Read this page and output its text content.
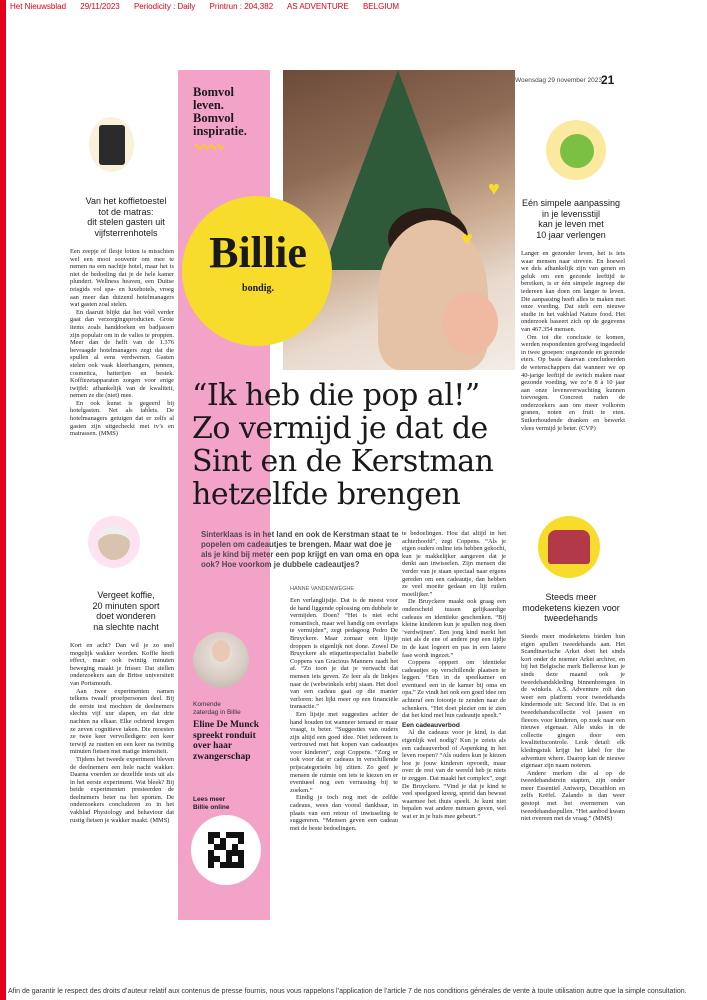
Het Nieuwsblad 29/11/2023 Periodicity : Daily Printrun : 204,382 AS ADVENTURE BELGIUM
Woensdag 29 november 2023 21
Bomvol
leven.
Bomvol
inspiratie.
∿∿∿∿
♥
♥
Billie
bondig.
“Ik heb die pop al!”
Zo vermijd je dat de
Sint en de Kerstman
hetzelfde brengen
Sinterklaas is in het land en ook de Kerstman staat te popelen om cadeautjes te brengen. Maar wat doe je als je kind bij meter een pop krijgt en van oma en opa ook? Hoe voorkom je dubbele cadeautjes?
HANNE VANDENWEGHE

Een verlanglijstje. Dat is de meest voor de hand liggende oplossing om dubbele te vermijden. Doen? “Het is niet echt romantisch, maar wel handig om overlaps te vermijden”, zegt pedagoog Pedro De Bruyckere. Maar zomaar een lijstje droppen is eigenlijk not done. Zowel De Bruyckere als etiquettespecialist Isabelle Coppens van Gracious Manners raadt het af. “Zo toon je dat je verwacht dat mensen iets geven. Ze leer als de linkjes naar de (webwinkels erbij staan. Het doel van een cadeau gaat op die manier verloren: het lijkt meer op een financiële transactie.”

Een lijstje met suggesties achter de hand houden tot wanneer iemand er maar vraagt, is beter. “Suggesties van ouders zijn altijd een goed idee. Niet iedereen is vertrouwd met het kopen van cadeautjes voor kinderen”, zegt Coppens. “Zorg er ook voor dat er cadeaus in verschillende prijscategorieën bij zitten. Zo geef je mensen de ruimte om iets te kiezen en er eventueel nog een verrassing bij te zoeken.”

Eindig je toch nog met de zelfde cadeaus, wees dan vooral dankbaar, in plaats van een retour of inwisseling te suggereren. “Mensen geven een cadeau met de beste bedoelingen.

te bedoelingen. Hou dat altijd in het achterhoofd”, zegt Coppens. “Als je eigen ouders online iets hebben gekocht, kun je makkelijker aangeven dat je denkt aan inwisselen. Zijn mensen die verder van je staan speciaal naar ergens gereden om een cadeautje, dan hebben ze veel moeite gedaan en lijt ruilen moeilijker.”

De Bruyckere maakt ook graag een onderscheid tussen gelijkaardige cadeaus en identieke geschenken. “Bij kleine kinderen kun je spullen nog doen ‘verdwijnen’. Een jong kind merkt het niet als de ene of andere pop een tijdje in de kast logeert en pas in een latere fase wordt ingezet.”

Coppens opppert om identieke cadeautjes op verschillende plaatsen te leggen. “Een in de speelkamer en eventueel een in de kamer bij oma en opa.” Ze vindt het ook een goed idee om achteraf een fotootje te zenden naar de schenkers. “Het doet plezier om te zien dat het kind met hun cadeautje speelt.”

Een cadeauverbod

Al die cadeaus voor je kind, is dat eigenlijk wel nodig? Kun je zeiets als een cadeauverbod of Aspenking in het leven roepen? “Als ouders kun je kiezen hoe je jouw kinderen opvoedt, maar over de rest van de wereld heb je niets te zeggen. Dat maakt het complex”, zegt De Bruyckere. “Vind je dat je kind te veel speelgoed kreeg, spreid dan bewust waarmee het thuis speelt. Je kunt niet bepalen wat andere mensen geven, wel wat er in je huis mee gebeurt.”

Van het koffietoestel
tot de matras:
dit stelen gasten uit
vijfsterrenhotels

Een zeepje of flesje lotion is misschien wel een mooi souvenir om mee te nemen na een nachtje hotel, maar het is niet de bedoeling dat je de hele kamer plundert. Wellness heaven, een Duitse reisgids vol spa- en luxehotels, vroeg aan meer dan duizend hotelmanagers wat gasten zoal stelen.

En daaruit blijkt dat het vóél verder gaat dan verzorgingsproducten. Grote items zoals handdoeken en badjassen zijn populair om in de valies te proppen. Meer dan de helft van de 1.376 bevraagde hotelmanagers zegt dat die spullen al eens verdwenen. Gasten stelen ook vaak kleerhangers, pennen, cosmetica, batterijen en bestek. Koffiezetapparaten zorgen voor enige twijfel: afhankelijk van de kwaliteit, nemen ze die (niet) mee.

En ook kunst is gegeerd bij hotelgasten. Net als tablets. De hotelmanagers getuigen dat er zelfs al gasten zijn uitgecheckt met tv’s en matrassen. (MMS)

Vergeet koffie,
20 minuten sport
doet wonderen
na slechte nacht

Kort en acht? Dan wil je zo snel mogelijk wakker worden. Koffie heeft effect, maar ook twintig minuten beweging maakt je frisser. Dat stellen onderzoekers aan de Britse universiteit van Portsmouth.

Aan twee experimenten namen telkens twaalf proefpersonen deel. Bij de eerste test mochten de deelnemers slechts vijf uur slapen, en dat drie nachten na elkaar. Elke ochtend kregen ze zeven cognitieve taken. Die moesten ze twee keer vervolledigen: een keer terwijl ze rustten en een keer na twintig minuten fietsen met matige intensiteit.

Tijdens het tweede experiment bleven de deelnemers een hele nacht wakker. Daarna voerden ze dezelfde tests uit als in het eerste experiment. Wat bleek? Bij beide experimenten presteerden de deelnemers beter na het sporten. De onderzoekers concluderen zo in het vakblad Physiology and behaviour dat rustig fietsen je wakker maakt. (MMS)

Eén simpele aanpassing
in je levensstijl
kan je leven met
10 jaar verlengen

Langer en gezonder leven, het is iets waar mensen naar streven. En hoewel we dels afhankelijk zijn van genen en geluk om een gezonde leeftijd te bereiken, is er één simpele ingreep die iedereen kan doen om langer te leven. Die aanpassing heeft alles te maken met onze voeding. Dat stelt een nieuwe studie in het vakblad Nature food. Het onderzoek baseert zich op de gegevens van 467.354 mensen.

Om tot die conclusie te komen, werden respondenten grofweg ingedeeld in twee groepen: ongezonde en gezonde eters. Op basis daarvan concludeerden de wetenschappers dat wanneer we op 40-jarige leeftijd de switch maken naar gezonde voeding, we zo’n 8 à 10 jaar aan onze levensverwachting kunnen toevoegen. Concreet raden de onderzoekers aan om meer volkoren granen, noten en fruit te eten. Suikerhoudende dranken en bewerkt vlees vermijd je beter. (CVP)

Steeds meer
modeketens kiezen voor
tweedehands

Steeds meer modeketens bieden hun eigen spullen tweedehands aan. Het Scandinavische Arket doet het sinds kort onder de noemer Arket archive, en bij het Belgische merk Bellerose kun je sinds deze maand ook je tweedehandskleding binnenbrengen in de winkels. A.S. Adventure rolt dan weer een platform voor tweedehands kindermode uit: Second life. Dat is en tweedehandscollectie vol jassen en fleeces voor kinderen, op zoek naar een nieuwe eigenaar. Alle stuks in de collectie gingen door een kwaliteitscontrole. Leuk detail: elk kledingstuk krijgt het label for the adventure where. Daarop kan de nieuwe eigenaar zijn naam noteren.

Andere merken die al op de tweedehandstrein stapten, zijn onder meer Essentiel Antwerp, Decathlon en zelfs Krëfel. Zalando is dan weer gestopt met het overnemen van tweedehandsspullen. “Het aanbod kwam niet overeen met de vraag.” (MMS)

Komende
zaterdag in Billie
Eline De Munck
spreekt ronduit
over haar
zwangerschap
Lees meer
Billie online
Afin de garantir le respect des droits d’auteur relatif aux contenus de presse fournis, nous vous rappelons l’application de l’article 7 de nos conditions générales de vente à toute utilisation autre que la simple consultation.
